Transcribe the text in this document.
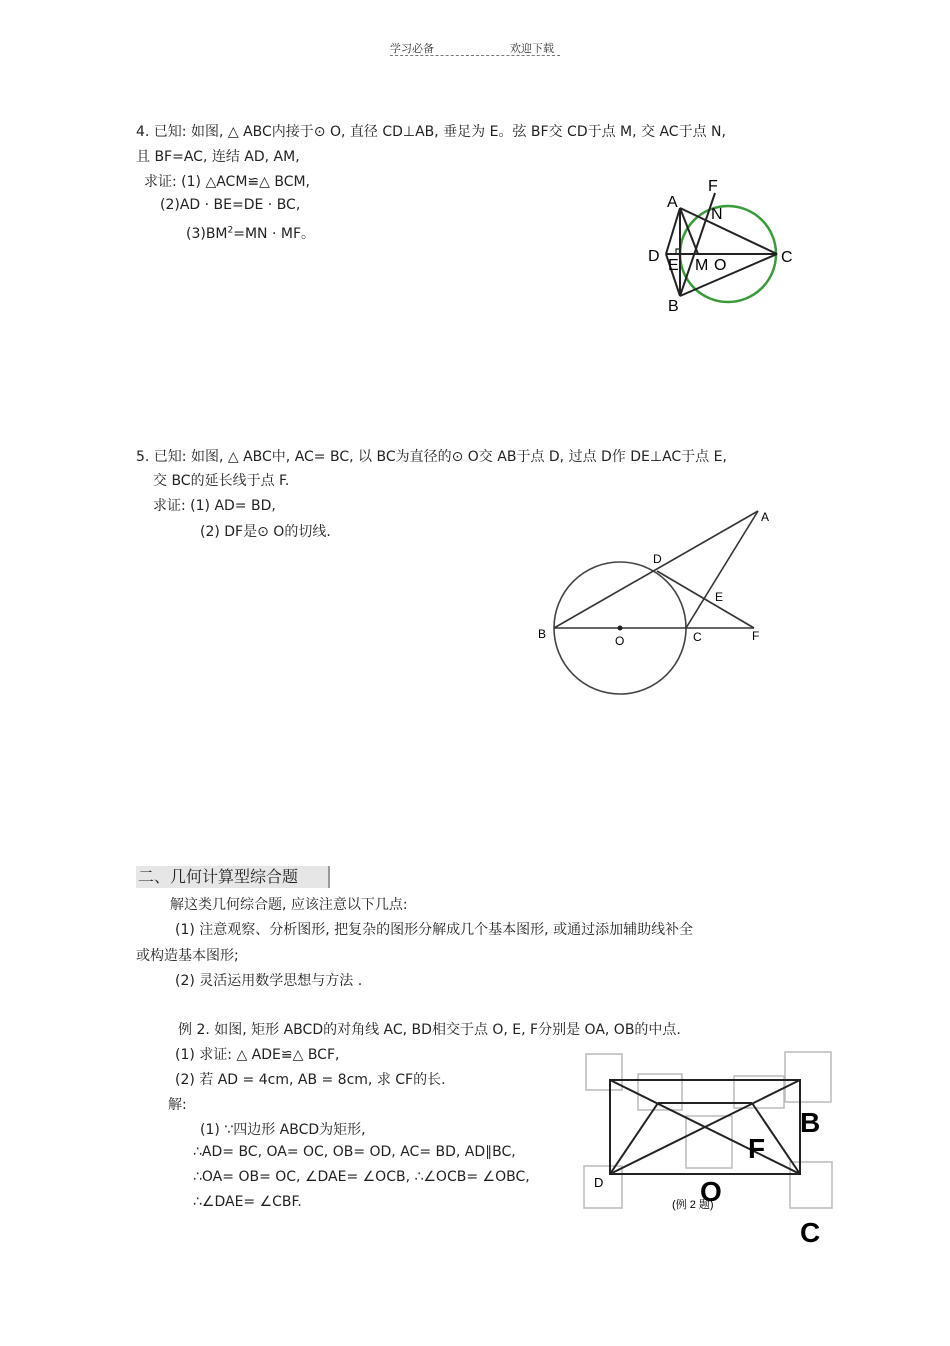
学习必备	欢迎下载
4. 已知: 如图, △ ABC内接于⊙ O, 直径 CD⊥AB, 垂足为 E。弦 BF交 CD于点 M, 交 AC于点 N,
且 BF=AC, 连结 AD, AM,
求证: (1) △ACM≌△ BCM,
(2)AD · BE=DE · BC,
$(3)BM^2=MN$ · MF。
A
F
N
D
E M O	C
B
5. 已知: 如图, △ ABC中, AC= BC, 以 BC为直径的⊙ O交 AB于点 D, 过点 D作 DE⊥AC于点 E,
交 BC的延长线于点 F.
求证: (1) AD= BD,
(2) DF是⊙ O的切线.
A
D
E
B	O	C	F
二、几何计算型综合题
解这类几何综合题, 应该注意以下几点:
(1) 注意观察、分析图形, 把复杂的图形分解成几个基本图形, 或通过添加辅助线补全
或构造基本图形;
(2) 灵活运用数学思想与方法 .
例 2. 如图, 矩形 ABCD的对角线 AC, BD相交于点 O, E, F分别是 OA, OB的中点.
(1) 求证: △ ADE≌△ BCF,
(2) 若 AD = 4cm, AB = 8cm, 求 CF的长.
解:
(1) ∵四边形 ABCD为矩形,
∴AD= BC, OA= OC, OB= OD, AC= BD, AD∥BC,
∴OA= OB= OC, ∠DAE= ∠OCB, ∴∠OCB= ∠OBC,
∴∠DAE= ∠CBF.
D
B
F
O
(例 2 题)
C
